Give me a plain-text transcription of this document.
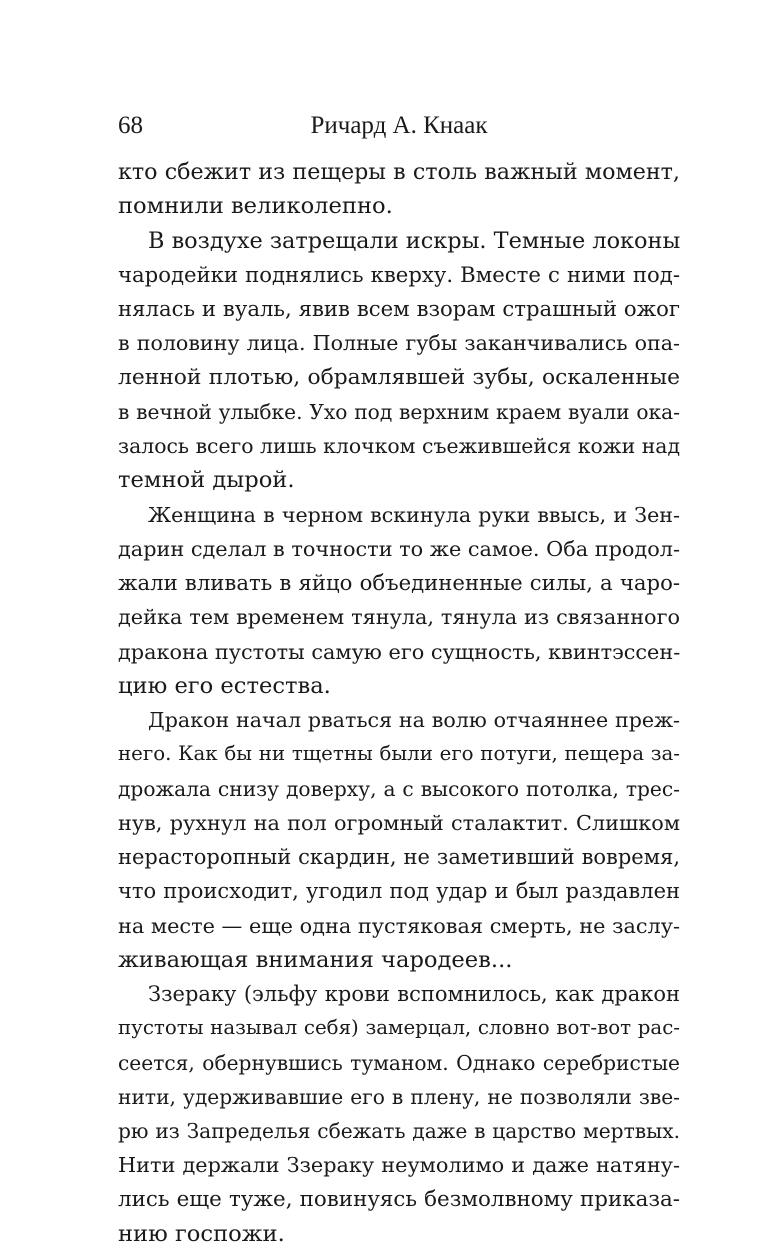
68	Ричард А. Кнаак
кто сбежит из пещеры в столь важный момент,
помнили великолепно.
В воздухе затрещали искры. Темные локоны
чародейки поднялись кверху. Вместе с ними под-
нялась и вуаль, явив всем взорам страшный ожог
в половину лица. Полные губы заканчивались опа-
ленной плотью, обрамлявшей зубы, оскаленные
в вечной улыбке. Ухо под верхним краем вуали ока-
залось всего лишь клочком съежившейся кожи над
темной дырой.
Женщина в черном вскинула руки ввысь, и Зен-
дарин сделал в точности то же самое. Оба продол-
жали вливать в яйцо объединенные силы, а чаро-
дейка тем временем тянула, тянула из связанного
дракона пустоты самую его сущность, квинтэссен-
цию его естества.
Дракон начал рваться на волю отчаяннее преж-
него. Как бы ни тщетны были его потуги, пещера за-
дрожала снизу доверху, а с высокого потолка, трес-
нув, рухнул на пол огромный сталактит. Слишком
нерасторопный скардин, не заметивший вовремя,
что происходит, угодил под удар и был раздавлен
на месте — еще одна пустяковая смерть, не заслу-
живающая внимания чародеев...
Ззераку (эльфу крови вспомнилось, как дракон
пустоты называл себя) замерцал, словно вот-вот рас-
сеется, обернувшись туманом. Однако серебристые
нити, удерживавшие его в плену, не позволяли зве-
рю из Запределья сбежать даже в царство мертвых.
Нити держали Ззераку неумолимо и даже натяну-
лись еще туже, повинуясь безмолвному приказа-
нию госпожи.
